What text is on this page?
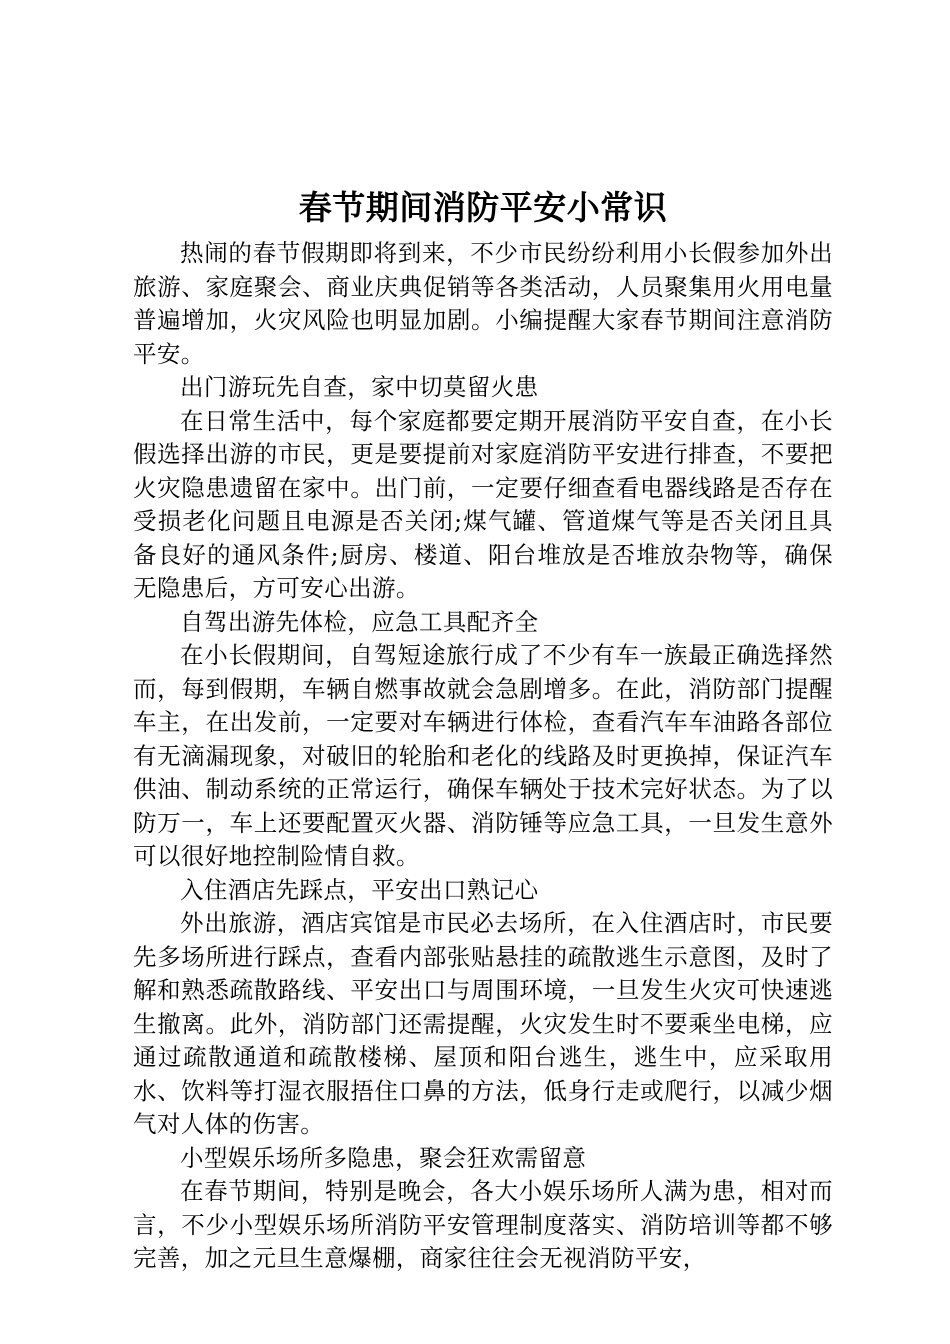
春节期间消防平安小常识

热闹的春节假期即将到来，不少市民纷纷利用小长假参加外出旅游、家庭聚会、商业庆典促销等各类活动，人员聚集用火用电量普遍增加，火灾风险也明显加剧。小编提醒大家春节期间注意消防平安。

出门游玩先自查，家中切莫留火患

在日常生活中，每个家庭都要定期开展消防平安自查，在小长假选择出游的市民，更是要提前对家庭消防平安进行排查，不要把火灾隐患遗留在家中。出门前，一定要仔细查看电器线路是否存在受损老化问题且电源是否关闭;煤气罐、管道煤气等是否关闭且具备良好的通风条件;厨房、楼道、阳台堆放是否堆放杂物等，确保无隐患后，方可安心出游。

自驾出游先体检，应急工具配齐全

在小长假期间，自驾短途旅行成了不少有车一族最正确选择然而，每到假期，车辆自燃事故就会急剧增多。在此，消防部门提醒车主，在出发前，一定要对车辆进行体检，查看汽车车油路各部位有无滴漏现象，对破旧的轮胎和老化的线路及时更换掉，保证汽车供油、制动系统的正常运行，确保车辆处于技术完好状态。为了以防万一，车上还要配置灭火器、消防锤等应急工具，一旦发生意外可以很好地控制险情自救。

入住酒店先踩点，平安出口熟记心

外出旅游，酒店宾馆是市民必去场所，在入住酒店时，市民要先多场所进行踩点，查看内部张贴悬挂的疏散逃生示意图，及时了解和熟悉疏散路线、平安出口与周围环境，一旦发生火灾可快速逃生撤离。此外，消防部门还需提醒，火灾发生时不要乘坐电梯，应通过疏散通道和疏散楼梯、屋顶和阳台逃生，逃生中，应采取用水、饮料等打湿衣服捂住口鼻的方法，低身行走或爬行，以减少烟气对人体的伤害。

小型娱乐场所多隐患，聚会狂欢需留意

在春节期间，特别是晚会，各大小娱乐场所人满为患，相对而言，不少小型娱乐场所消防平安管理制度落实、消防培训等都不够完善，加之元旦生意爆棚，商家往往会无视消防平安，
